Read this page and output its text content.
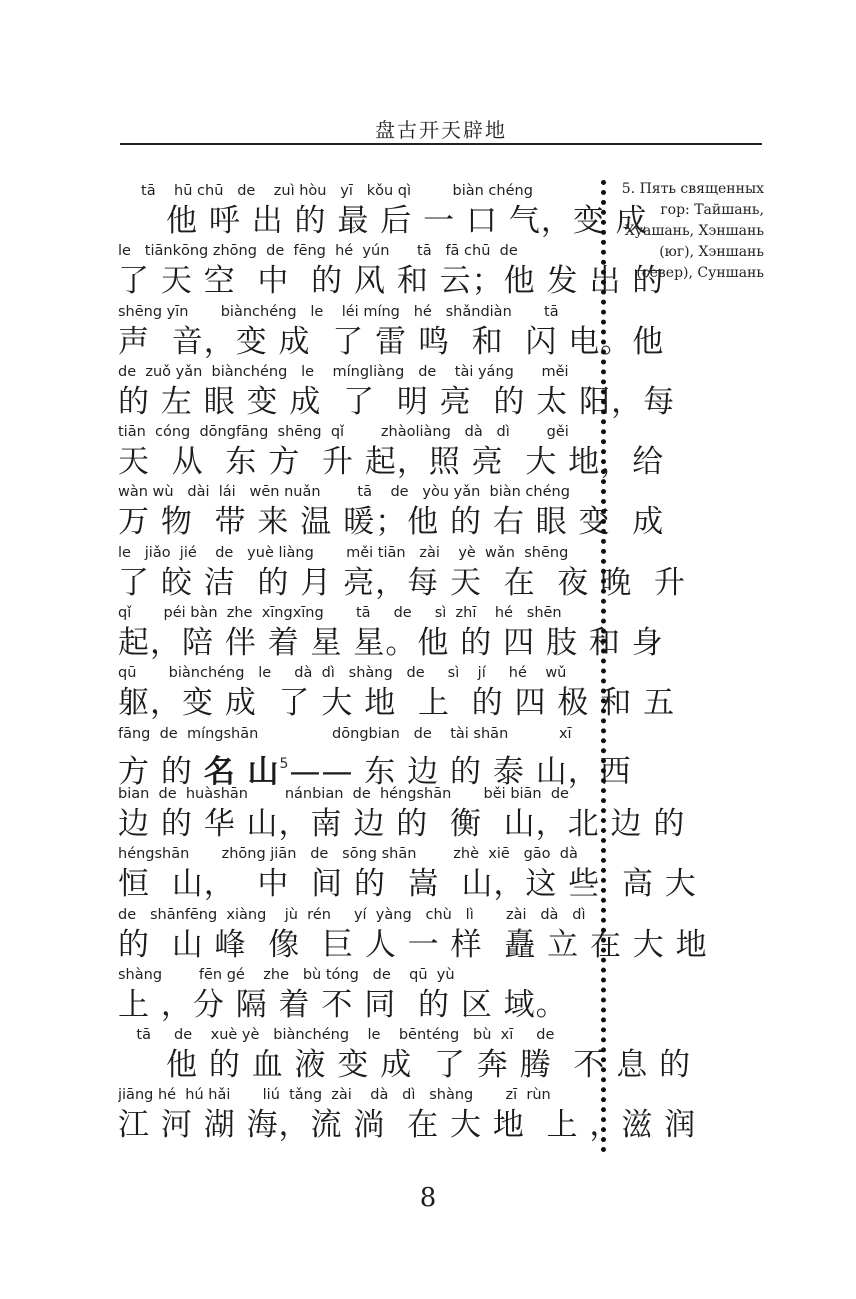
盘古开天辟地
tā    hū chū   de    zuì hòu   yī   kǒu qì         biàn chéng
他 呼 出 的 最 后 一 口 气，变 成
le   tiānkōng zhōng  de  fēng  hé  yún      tā   fā chū  de
了 天 空  中  的 风 和 云；他 发 出 的
shēng yīn       biànchéng   le    léi míng   hé   shǎndiàn       tā
声  音，变 成  了 雷 鸣  和  闪 电。他
de  zuǒ yǎn  biànchéng   le    míngliàng   de    tài yáng      měi
的 左 眼 变 成  了  明 亮  的 太 阳，每
tiān  cóng  dōngfāng  shēng  qǐ        zhàoliàng   dà   dì        gěi
天  从  东 方  升 起，照 亮  大 地，给
wàn wù   dài  lái   wēn nuǎn        tā    de   yòu yǎn  biàn chéng
万 物  带 来 温 暖；他 的 右 眼 变  成
le   jiǎo  jié    de   yuè liàng       měi tiān   zài    yè  wǎn  shēng
了 皎 洁  的 月 亮，每 天  在  夜 晚  升
qǐ       péi bàn  zhe  xīngxīng       tā     de     sì  zhī    hé   shēn
起，陪 伴 着 星 星。他 的 四 肢 和 身
qū       biànchéng   le     dà  dì   shàng   de     sì    jí     hé    wǔ
躯，变 成  了 大 地  上  的 四 极 和 五
fāng  de  míngshān                dōngbian   de    tài shān           xī
方 的 名 山$^5$—— 东 边 的 泰 山，西
bian  de  huàshān        nánbian  de  héngshān       běi biān  de
边 的 华 山，南 边 的  衡  山，北 边 的
héngshān       zhōng jiān   de   sōng shān        zhè  xiē   gāo  dà
恒  山，  中  间 的  嵩  山，这 些  高 大
de   shānfēng  xiàng    jù  rén     yí  yàng   chù   lì       zài   dà   dì
的  山 峰  像  巨 人 一 样  矗 立 在 大 地
shàng        fēn gé    zhe   bù tóng   de    qū  yù
上 ，分 隔 着 不 同  的 区 域。
tā     de    xuè yè   biànchéng    le    bēnténg   bù  xī     de
他 的 血 液 变 成  了 奔 腾  不 息 的
jiāng hé  hú hǎi       liú  tǎng  zài    dà   dì   shàng       zī  rùn
江 河 湖 海，流 淌  在 大 地  上 ，滋 润
5. Пять священных гор: Тайшань, Хуашань, Хэншань (юг), Хэншань (север), Суншань
8
